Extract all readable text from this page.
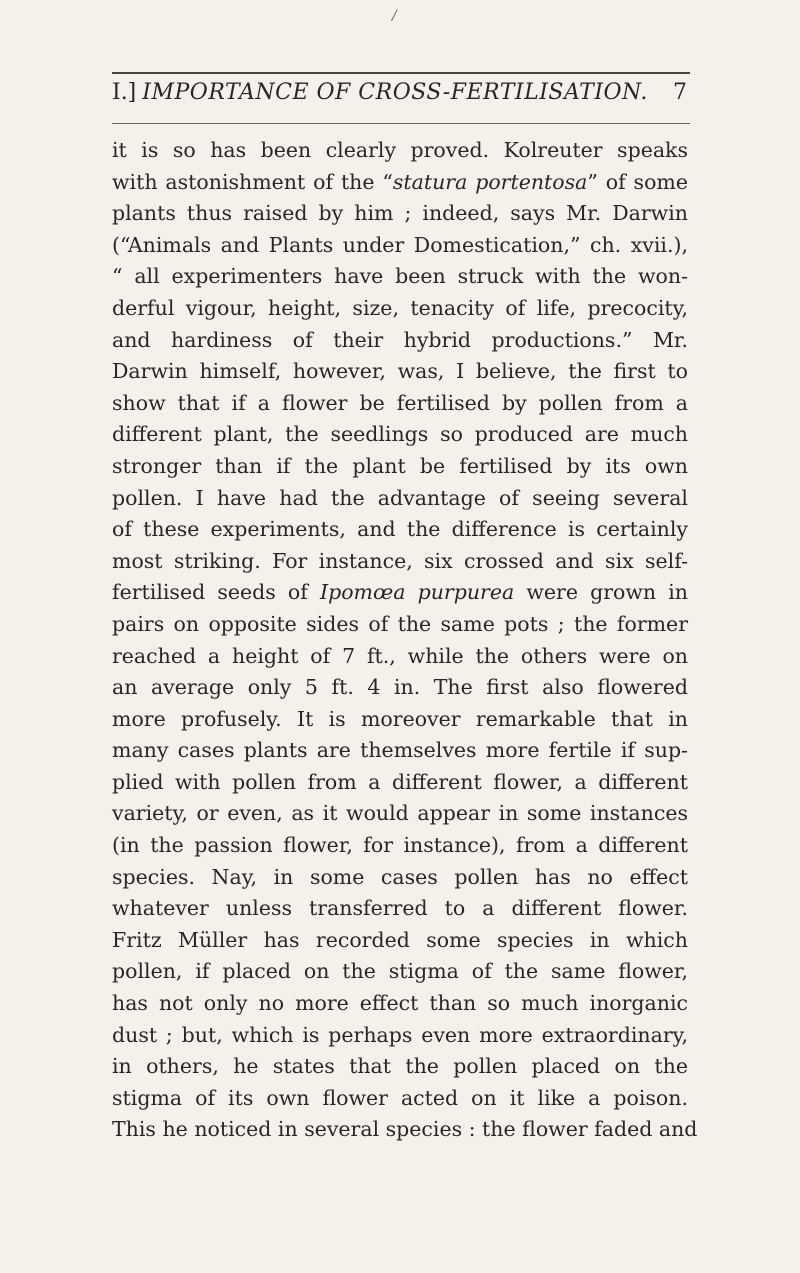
/
I.] IMPORTANCE OF CROSS-FERTILISATION.	7
it is so has been clearly proved. Kolreuter speaks
with astonishment of the “statura portentosa” of some
plants thus raised by him ; indeed, says Mr. Darwin
(“Animals and Plants under Domestication,” ch. xvii.),
“ all experimenters have been struck with the won-
derful vigour, height, size, tenacity of life, precocity,
and hardiness of their hybrid productions.” Mr.
Darwin himself, however, was, I believe, the first to
show that if a flower be fertilised by pollen from a
different plant, the seedlings so produced are much
stronger than if the plant be fertilised by its own
pollen. I have had the advantage of seeing several
of these experiments, and the difference is certainly
most striking. For instance, six crossed and six self-
fertilised seeds of Ipomœa purpurea were grown in
pairs on opposite sides of the same pots ; the former
reached a height of 7 ft., while the others were on
an average only 5 ft. 4 in. The first also flowered
more profusely. It is moreover remarkable that in
many cases plants are themselves more fertile if sup-
plied with pollen from a different flower, a different
variety, or even, as it would appear in some instances
(in the passion flower, for instance), from a different
species. Nay, in some cases pollen has no effect
whatever unless transferred to a different flower.
Fritz Müller has recorded some species in which
pollen, if placed on the stigma of the same flower,
has not only no more effect than so much inorganic
dust ; but, which is perhaps even more extraordinary,
in others, he states that the pollen placed on the
stigma of its own flower acted on it like a poison.
This he noticed in several species : the flower faded and
